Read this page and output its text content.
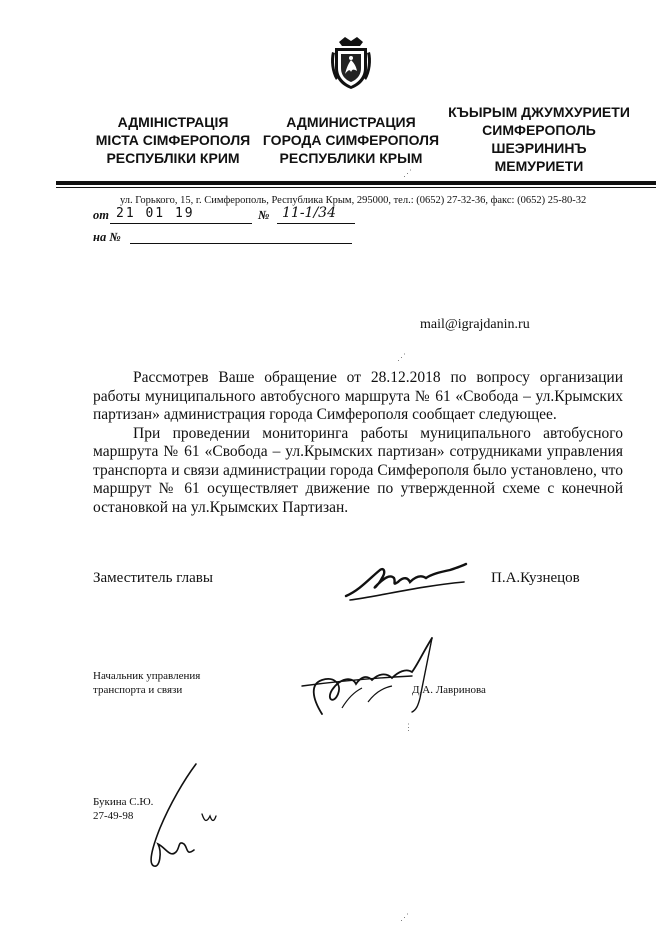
АДМІНІСТРАЦІЯ
МІСТА СІМФЕРОПОЛЯ
РЕСПУБЛІКИ КРИМ
АДМИНИСТРАЦИЯ
ГОРОДА СИМФЕРОПОЛЯ
РЕСПУБЛИКИ КРЫМ
КЪЫРЫМ ДЖУМХУРИЕТИ
СИМФЕРОПОЛЬ
ШЕЭРИНИНЪ
МЕМУРИЕТИ
ул. Горького, 15, г. Симферополь, Республика Крым, 295000, тел.: (0652) 27-32-36, факс: (0652) 25-80-32
от 21 01 19	№ 11-1/34
на №
mail@igrajdanin.ru

Рассмотрев Ваше обращение от 28.12.2018 по вопросу организации работы муниципального автобусного маршрута № 61 «Свобода – ул.Крымских партизан» администрация города Симферополя сообщает следующее.

При проведении мониторинга работы муниципального автобусного маршрута № 61 «Свобода – ул.Крымских партизан» сотрудниками управления транспорта и связи администрации города Симферополя было установлено, что маршрут № 61 осуществляет движение по утвержденной схеме с конечной остановкой на ул.Крымских Партизан.

Заместитель главы	П.А.Кузнецов
Начальник управления
транспорта и связи	Д.А. Лавринова
Букина С.Ю.
27-49-98
⋰
⋰
⋮
⋰
